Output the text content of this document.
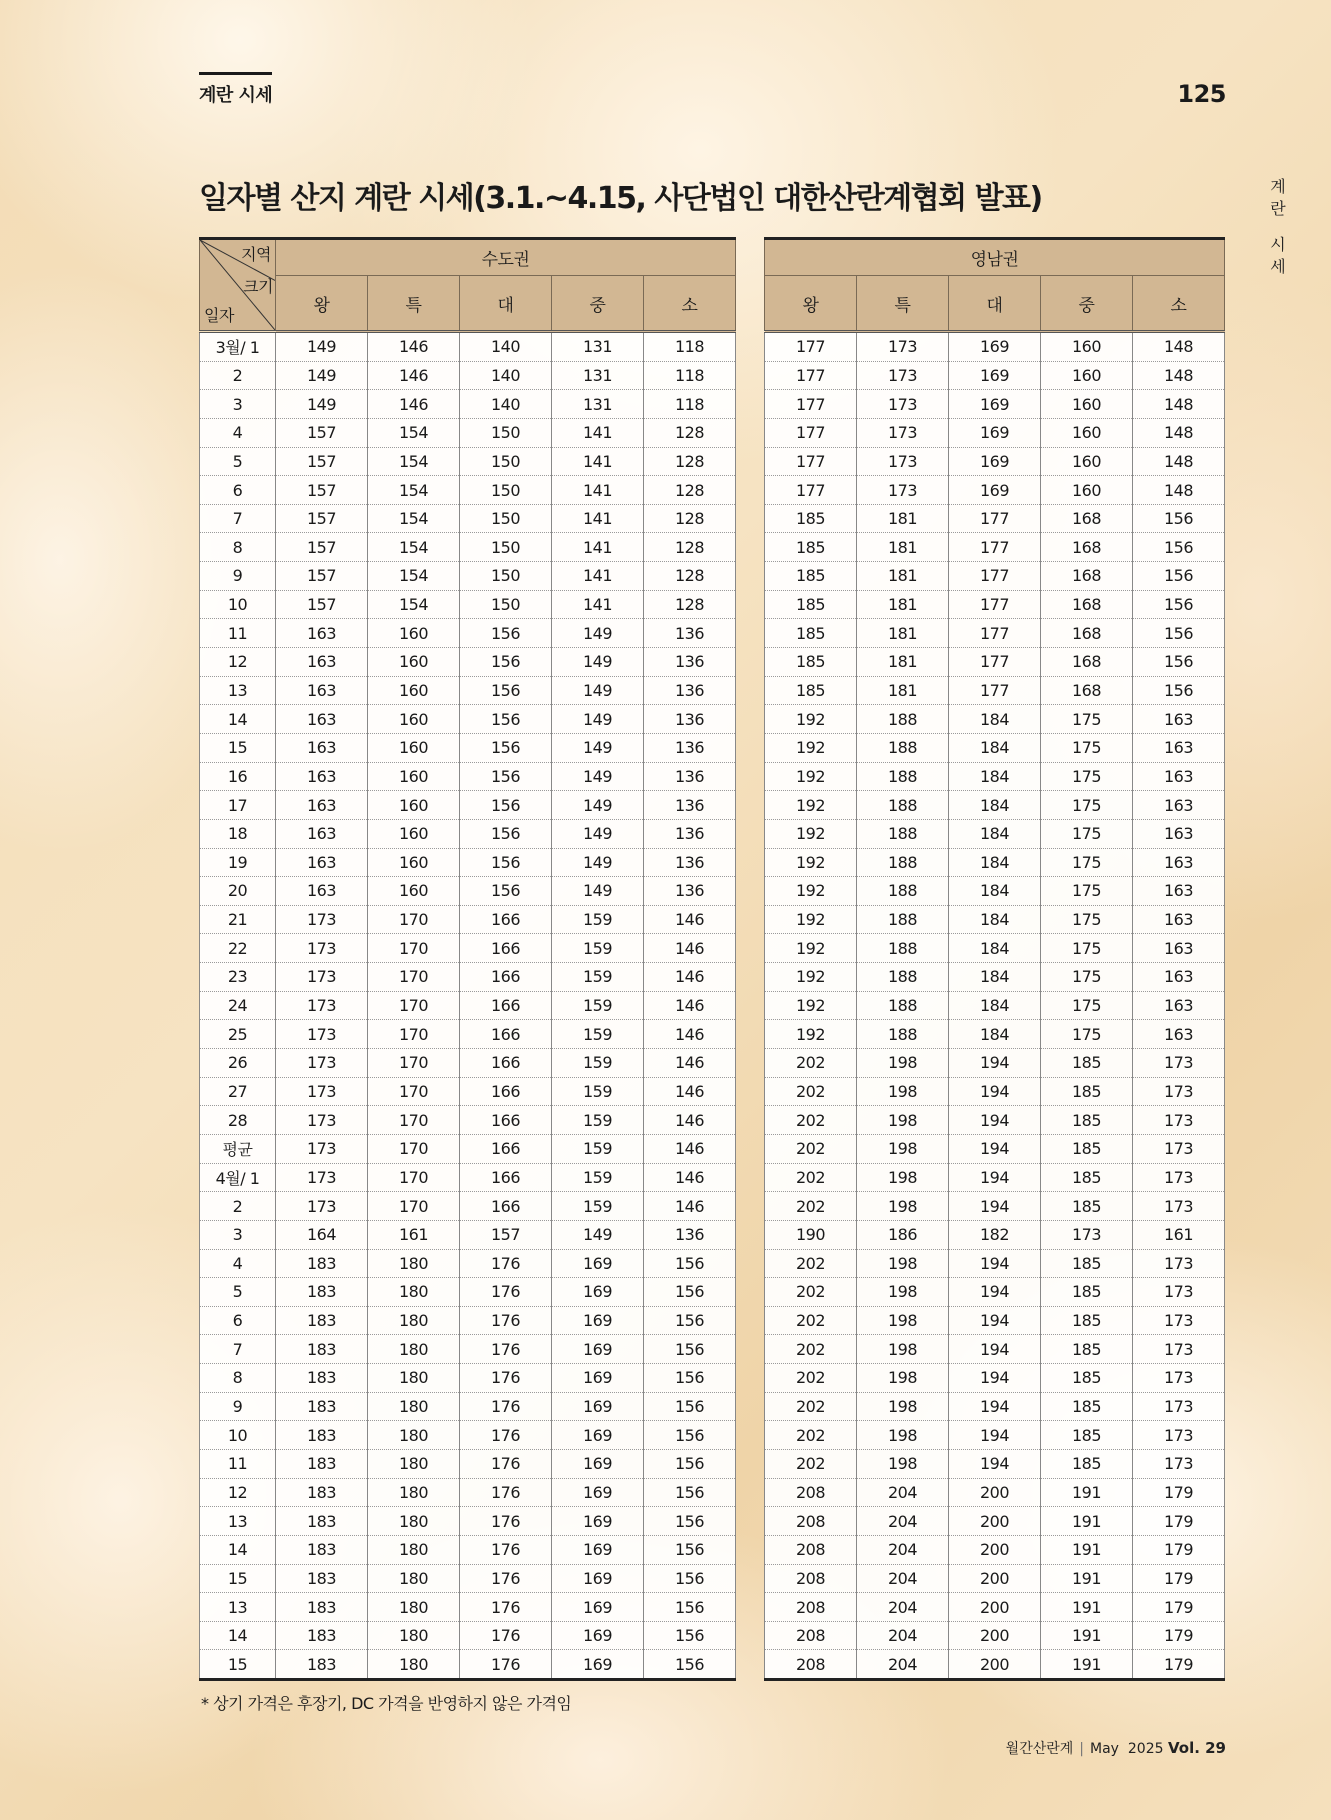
계란 시세	125
계
란
시
세
일자별 산지 계란 시세(3.1.~4.15, 사단법인 대한산란계협회 발표)
지역
크기
일자	수도권				
	왕	특	대	중	소
3월/ 1	149	146	140	131	118
2	149	146	140	131	118
3	149	146	140	131	118
4	157	154	150	141	128
5	157	154	150	141	128
6	157	154	150	141	128
7	157	154	150	141	128
8	157	154	150	141	128
9	157	154	150	141	128
10	157	154	150	141	128
11	163	160	156	149	136
12	163	160	156	149	136
13	163	160	156	149	136
14	163	160	156	149	136
15	163	160	156	149	136
16	163	160	156	149	136
17	163	160	156	149	136
18	163	160	156	149	136
19	163	160	156	149	136
20	163	160	156	149	136
21	173	170	166	159	146
22	173	170	166	159	146
23	173	170	166	159	146
24	173	170	166	159	146
25	173	170	166	159	146
26	173	170	166	159	146
27	173	170	166	159	146
28	173	170	166	159	146
평균	173	170	166	159	146
4월/ 1	173	170	166	159	146
2	173	170	166	159	146
3	164	161	157	149	136
4	183	180	176	169	156
5	183	180	176	169	156
6	183	180	176	169	156
7	183	180	176	169	156
8	183	180	176	169	156
9	183	180	176	169	156
10	183	180	176	169	156
11	183	180	176	169	156
12	183	180	176	169	156
13	183	180	176	169	156
14	183	180	176	169	156
15	183	180	176	169	156
13	183	180	176	169	156
14	183	180	176	169	156
15	183	180	176	169	156
영남권				
왕	특	대	중	소
177	173	169	160	148
177	173	169	160	148
177	173	169	160	148
177	173	169	160	148
177	173	169	160	148
177	173	169	160	148
185	181	177	168	156
185	181	177	168	156
185	181	177	168	156
185	181	177	168	156
185	181	177	168	156
185	181	177	168	156
185	181	177	168	156
192	188	184	175	163
192	188	184	175	163
192	188	184	175	163
192	188	184	175	163
192	188	184	175	163
192	188	184	175	163
192	188	184	175	163
192	188	184	175	163
192	188	184	175	163
192	188	184	175	163
192	188	184	175	163
192	188	184	175	163
202	198	194	185	173
202	198	194	185	173
202	198	194	185	173
202	198	194	185	173
202	198	194	185	173
202	198	194	185	173
190	186	182	173	161
202	198	194	185	173
202	198	194	185	173
202	198	194	185	173
202	198	194	185	173
202	198	194	185	173
202	198	194	185	173
202	198	194	185	173
202	198	194	185	173
208	204	200	191	179
208	204	200	191	179
208	204	200	191	179
208	204	200	191	179
208	204	200	191	179
208	204	200	191	179
208	204	200	191	179
* 상기 가격은 후장기, DC 가격을 반영하지 않은 가격임
월간산란계 | May 2025 Vol. 29
